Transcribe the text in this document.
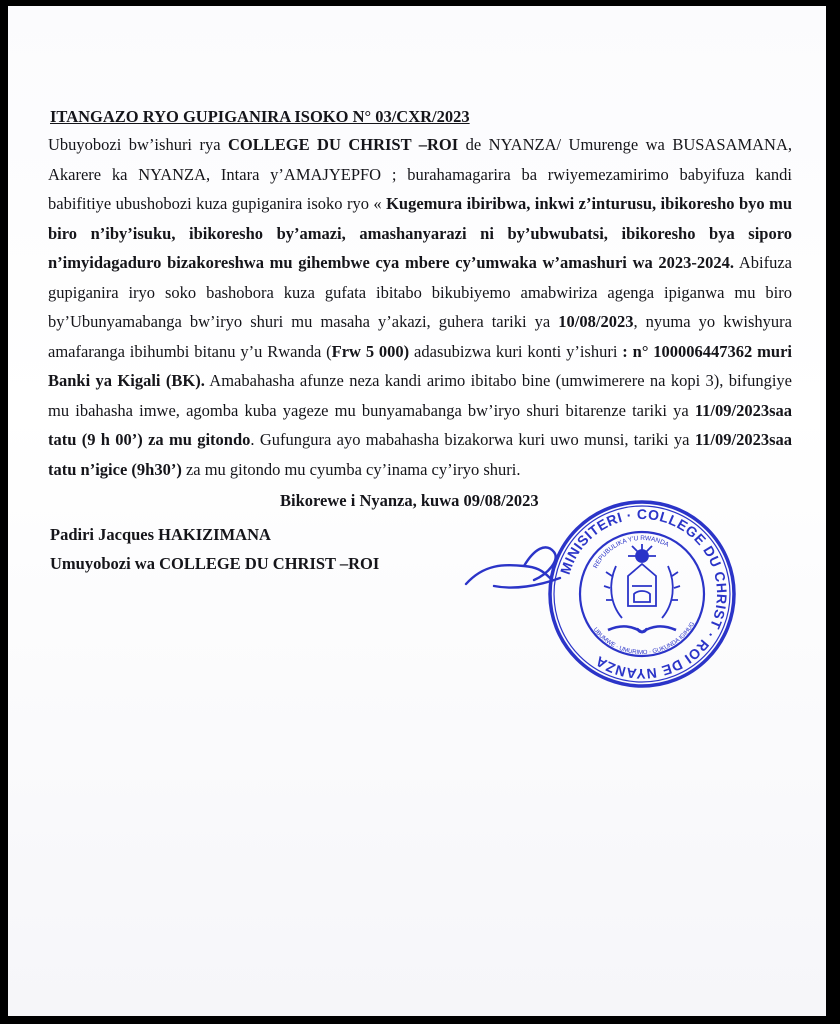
ITANGAZO RYO GUPIGANIRA ISOKO N° 03/CXR/2023

Ubuyobozi bw’ishuri rya COLLEGE DU CHRIST –ROI de NYANZA/ Umurenge wa BUSASAMANA, Akarere ka NYANZA, Intara y’AMAJYEPFO ; burahamagarira ba rwiyemezamirimo babyifuza kandi babifitiye ubushobozi kuza gupiganira isoko ryo « Kugemura ibiribwa, inkwi z’inturusu, ibikoresho byo mu biro n’iby’isuku, ibikoresho by’amazi, amashanyarazi ni by’ubwubatsi, ibikoresho bya siporo n’imyidagaduro bizakoreshwa mu gihembwe cya mbere cy’umwaka w’amashuri wa 2023-2024. Abifuza gupiganira iryo soko bashobora kuza gufata ibitabo bikubiyemo amabwiriza agenga ipiganwa mu biro by’Ubunyamabanga bw’iryo shuri mu masaha y’akazi, guhera tariki ya 10/08/2023, nyuma yo kwishyura amafaranga ibihumbi bitanu y’u Rwanda (Frw 5 000) adasubizwa kuri konti y’ishuri : n° 100006447362 muri Banki ya Kigali (BK). Amabahasha afunze neza kandi arimo ibitabo bine (umwimerere na kopi 3), bifungiye mu ibahasha imwe, agomba kuba yageze mu bunyamabanga bw’iryo shuri bitarenze tariki ya 11/09/2023saa tatu (9 h 00’) za mu gitondo. Gufungura ayo mabahasha bizakorwa kuri uwo munsi, tariki ya 11/09/2023saa tatu n’igice (9h30’) za mu gitondo mu cyumba cy’inama cy’iryo shuri.

Bikorewe i Nyanza, kuwa 09/08/2023
Padiri Jacques HAKIZIMANA
Umuyobozi wa COLLEGE DU CHRIST –ROI	MINISITERI · COLLEGE DU CHRIST · ROI DE NYANZA
REPUBULIKA Y'U RWANDA
UBUMWE · UMURIMO · GUKUNDA IGIHUGU
